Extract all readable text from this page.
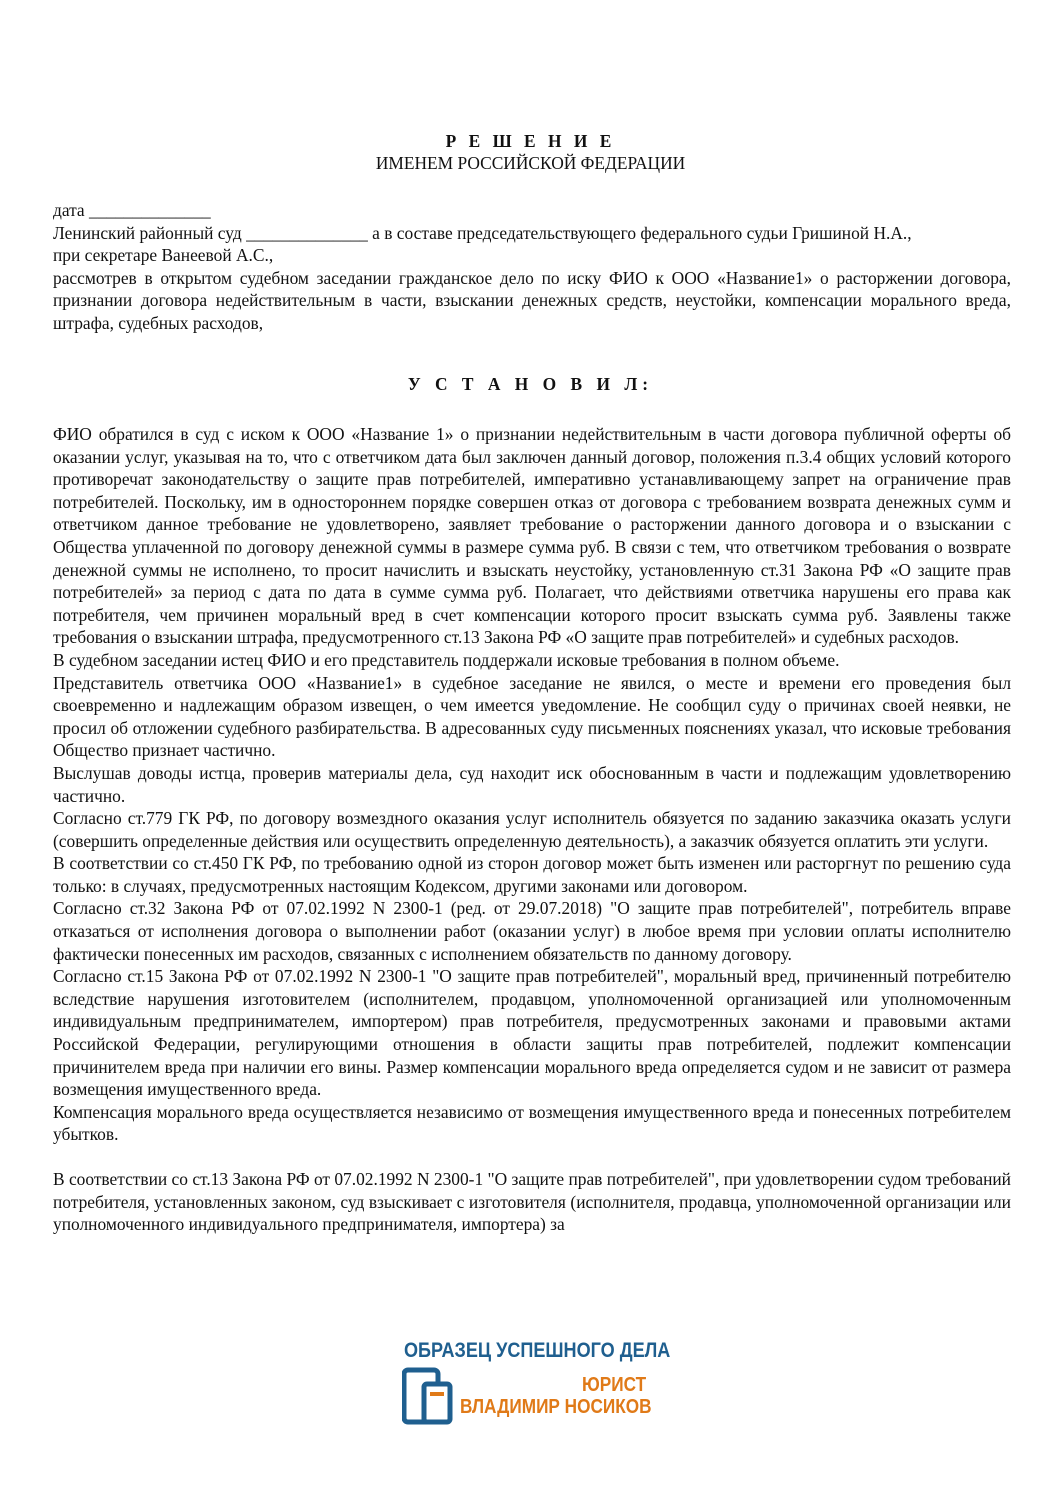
Р Е Ш Е Н И Е
ИМЕНЕМ РОССИЙСКОЙ ФЕДЕРАЦИИ

дата ______________

Ленинский районный суд ______________ а в составе председательствующего федерального судьи Гришиной Н.А.,

при секретаре Ванеевой А.С.,

рассмотрев в открытом судебном заседании гражданское дело по иску ФИО к ООО «Название1» о расторжении договора, признании договора недействительным в части, взыскании денежных средств, неустойки, компенсации морального вреда, штрафа, судебных расходов,

У С Т А Н О В И Л:

ФИО обратился в суд с иском к ООО «Название 1» о признании недействительным в части договора публичной оферты об оказании услуг, указывая на то, что с ответчиком дата был заключен данный договор, положения п.3.4 общих условий которого противоречат законодательству о защите прав потребителей, императивно устанавливающему запрет на ограничение прав потребителей. Поскольку, им в одностороннем порядке совершен отказ от договора с требованием возврата денежных сумм и ответчиком данное требование не удовлетворено, заявляет требование о расторжении данного договора и о взыскании с Общества уплаченной по договору денежной суммы в размере сумма руб. В связи с тем, что ответчиком требования о возврате денежной суммы не исполнено, то просит начислить и взыскать неустойку, установленную ст.31 Закона РФ «О защите прав потребителей» за период с дата по дата в сумме сумма руб. Полагает, что действиями ответчика нарушены его права как потребителя, чем причинен моральный вред в счет компенсации которого просит взыскать сумма руб. Заявлены также требования о взыскании штрафа, предусмотренного ст.13 Закона РФ «О защите прав потребителей» и судебных расходов.

В судебном заседании истец ФИО и его представитель поддержали исковые требования в полном объеме.

Представитель ответчика ООО «Название1» в судебное заседание не явился, о месте и времени его проведения был своевременно и надлежащим образом извещен, о чем имеется уведомление. Не сообщил суду о причинах своей неявки, не просил об отложении судебного разбирательства. В адресованных суду письменных пояснениях указал, что исковые требования Общество признает частично.

Выслушав доводы истца, проверив материалы дела, суд находит иск обоснованным в части и подлежащим удовлетворению частично.

Согласно ст.779 ГК РФ, по договору возмездного оказания услуг исполнитель обязуется по заданию заказчика оказать услуги (совершить определенные действия или осуществить определенную деятельность), а заказчик обязуется оплатить эти услуги.

В соответствии со ст.450 ГК РФ, по требованию одной из сторон договор может быть изменен или расторгнут по решению суда только: в случаях, предусмотренных настоящим Кодексом, другими законами или договором.

Согласно ст.32 Закона РФ от 07.02.1992 N 2300-1 (ред. от 29.07.2018) "О защите прав потребителей", потребитель вправе отказаться от исполнения договора о выполнении работ (оказании услуг) в любое время при условии оплаты исполнителю фактически понесенных им расходов, связанных с исполнением обязательств по данному договору.

Согласно ст.15 Закона РФ от 07.02.1992 N 2300-1 "О защите прав потребителей", моральный вред, причиненный потребителю вследствие нарушения изготовителем (исполнителем, продавцом, уполномоченной организацией или уполномоченным индивидуальным предпринимателем, импортером) прав потребителя, предусмотренных законами и правовыми актами Российской Федерации, регулирующими отношения в области защиты прав потребителей, подлежит компенсации причинителем вреда при наличии его вины. Размер компенсации морального вреда определяется судом и не зависит от размера возмещения имущественного вреда.

Компенсация морального вреда осуществляется независимо от возмещения имущественного вреда и понесенных потребителем убытков.

В соответствии со ст.13 Закона РФ от 07.02.1992 N 2300-1 "О защите прав потребителей", при удовлетворении судом требований потребителя, установленных законом, суд взыскивает с изготовителя (исполнителя, продавца, уполномоченной организации или уполномоченного индивидуального предпринимателя, импортера) за

ОБРАЗЕЦ УСПЕШНОГО ДЕЛА
ЮРИСТ
ВЛАДИМИР НОСИКОВ
